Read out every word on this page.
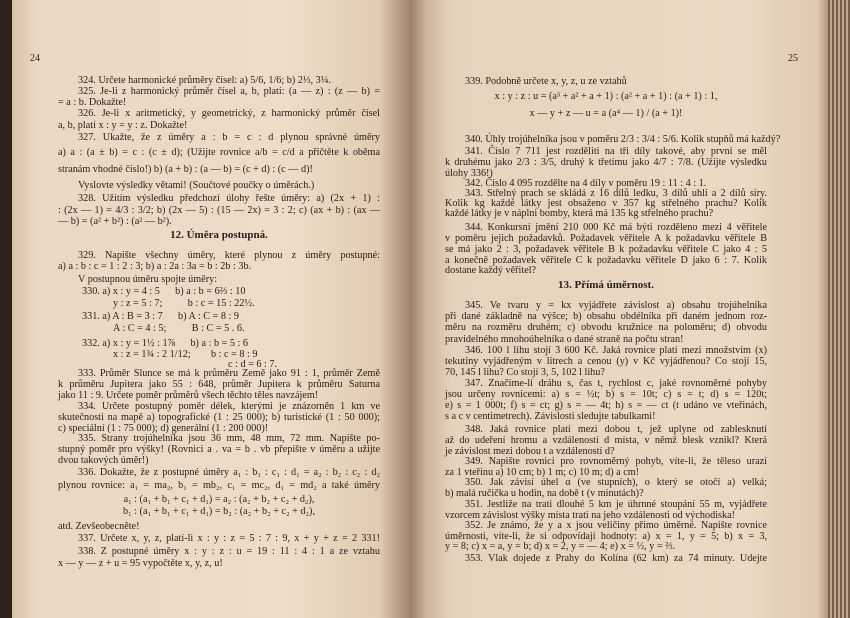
24
324. Určete harmonické průměry čísel: a) 5/6, 1/6; b) 2⅓, 3¼.
325. Je-li z harmonický průměr čísel a, b, platí: (a — z) : (z — b) =
= a : b. Dokažte!
326. Je-li x aritmetický, y geometrický, z harmonický průměr čísel
a, b, platí x : y = y : z. Dokažte!
327. Ukažte, že z úměry a : b = c : d plynou správné úměry
a) a : (a ± b) = c : (c ± d); (Užijte rovnice a/b = c/d a přičtěte k oběma
stranám vhodné číslo!) b) (a + b) : (a — b) = (c + d) : (c — d)!
Vyslovte výsledky větami! (Součtové poučky o úměrách.)
328. Užitím výsledku předchozí úlohy řešte úměry: a) (2x + 1) :
: (2x — 1) = 4/3 : 3/2; b) (2x — 5) : (15 — 2x) = 3 : 2; c) (ax + b) : (ax —
— b) = (a² + b²) : (a² — b²).
12. Úměra postupná.
329. Napište všechny úměry, které plynou z úměry postupné:
a) a : b : c = 1 : 2 : 3; b) a : 2a : 3a = b : 2b : 3b.
V postupnou úměru spojte úměry:
330. a) x : y = 4 : 5      b) a : b = 6⅔ : 10
y : z = 5 : 7;          b : c = 15 : 22½.
331. a) A : B = 3 : 7      b) A : C = 8 : 9
A : C = 4 : 5;          B : C = 5 . 6.
332. a) x : y = 1½ : 1⅞      b) a : b = 5 : 6
x : z = 1¾ : 2 1/12;        b : c = 8 : 9
c : d = 6 : 7.
333. Průměr Slunce se má k průměru Země jako 91 : 1, průměr Země
k průměru Jupitera jako 55 : 648, průměr Jupitera k průměru Saturna
jako 11 : 9. Určete poměr průměrů všech těchto těles navzájem!
334. Určete postupný poměr délek, kterými je znázorněn 1 km ve
skutečnosti na mapě a) topografické (1 : 25 000); b) turistické (1 : 50 000);
c) speciální (1 : 75 000); d) generální (1 : 200 000)!
335. Strany trojúhelníka jsou 36 mm, 48 mm, 72 mm. Napište po-
stupný poměr pro výšky! (Rovnici a . va = b . vb přepište v úměru a užijte
dvou takových úměr!)
336. Dokažte, že z postupné úměry a₁ : b₁ : c₁ : d₁ = a₂ : b₂ : c₂ : d₂
plynou rovnice: a₁ = ma₂, b₁ = mb₂, c₁ = mc₂, d₁ = md₂ a také úměry
a₁ : (a₁ + b₁ + c₁ + d₁) = a₂ : (a₂ + b₂ + c₂ + d₂),
b₁ : (a₁ + b₁ + c₁ + d₁) = b₂ : (a₂ + b₂ + c₂ + d₂),
atd. Zevšeobecněte!
337. Určete x, y, z, platí-li x : y : z = 5 : 7 : 9, x + y + z = 2 331!
338. Z postupné úměry x : y : z : u = 19 : 11 : 4 : 1 a ze vztahu
x — y — z + u = 95 vypočtěte x, y, z, u!
25
339. Podobně určete x, y, z, u ze vztahů
x : y : z : u = (a³ + a² + a + 1) : (a² + a + 1) : (a + 1) : 1,
x — y + z — u = a (a⁴ — 1) / (a + 1)!
340. Úhly trojúhelníka jsou v poměru 2/3 : 3/4 : 5/6. Kolik stupňů má každý?
341. Číslo 7 711 jest rozděliti na tři díly takové, aby první se měl
k druhému jako 2/3 : 3/5, druhý k třetímu jako 4/7 : 7/8. (Užijte výsledku
úlohy 336!)
342. Číslo 4 095 rozdělte na 4 díly v poměru 19 : 11 : 4 : 1.
343. Střelný prach se skládá z 16 dílů ledku, 3 dílů uhlí a 2 dílů síry.
Kolik kg každé látky jest obsaženo v 357 kg střelného prachu? Kolik
každé látky je v náplni bomby, která má 135 kg střelného prachu?
344. Konkursní jmění 210 000 Kč má býti rozděleno mezi 4 věřitele
v poměru jejich požadavků. Požadavek věřitele A k požadavku věřitele B
se má jako 2 : 3, požadavek věřitele B k požadavku věřitele C jako 4 : 5
a konečně požadavek věřitele C k požadavku věřitele D jako 6 : 7. Kolik
dostane každý věřitel?
13. Přímá úměrnost.
345. Ve tvaru y = kx vyjádřete závislost a) obsahu trojúhelníka
při dané základně na výšce; b) obsahu obdélníka při daném jednom roz-
měru na rozměru druhém; c) obvodu kružnice na poloměru; d) obvodu
pravidelného mnohoúhelníka o dané straně na počtu stran!
346. 100 l lihu stojí 3 600 Kč. Jaká rovnice platí mezi množstvím (x)
tekutiny vyjádřeným v litrech a cenou (y) v Kč vyjádřenou? Co stojí 15,
70, 145 l lihu? Co stojí 3, 5, 102 l lihu?
347. Značíme-li dráhu s, čas t, rychlost c, jaké rovnoměrné pohyby
jsou určeny rovnicemi: a) s = ½t; b) s = 10t; c) s = t; d) s = 120t;
e) s = 1 000t; f) s = ct; g) s = — 4t; h) s = — ct (t udáno ve vteřinách,
s a c v centimetrech). Závislosti sledujte tabulkami!
348. Jaká rovnice platí mezi dobou t, jež uplyne od zablesknutí
až do udeření hromu a vzdáleností d místa, v němž blesk vznikl? Která
je závislost mezi dobou t a vzdáleností d?
349. Napište rovnici pro rovnoměrný pohyb, víte-li, že těleso urazí
za 1 vteřinu a) 10 cm; b) 1 m; c) 10 m; d) a cm!
350. Jak závisí úhel α (ve stupních), o který se otočí a) velká;
b) malá ručička u hodin, na době t (v minutách)?
351. Jestliže na trati dlouhé 5 km je úhrnné stoupání 55 m, vyjádřete
vzorcem závislost výšky místa trati na jeho vzdálenosti od východiska!
352. Je známo, že y a x jsou veličiny přímo úměrné. Napište rovnice
úměrnosti, víte-li, že si odpovídají hodnoty: a) x = 1, y = 5; b) x = 3,
y = 8; c) x = a, y = b; d) x = 2, y = — 4; e) x = ½, y = ⅔.
353. Vlak dojede z Prahy do Kolína (62 km) za 74 minuty. Udejte
